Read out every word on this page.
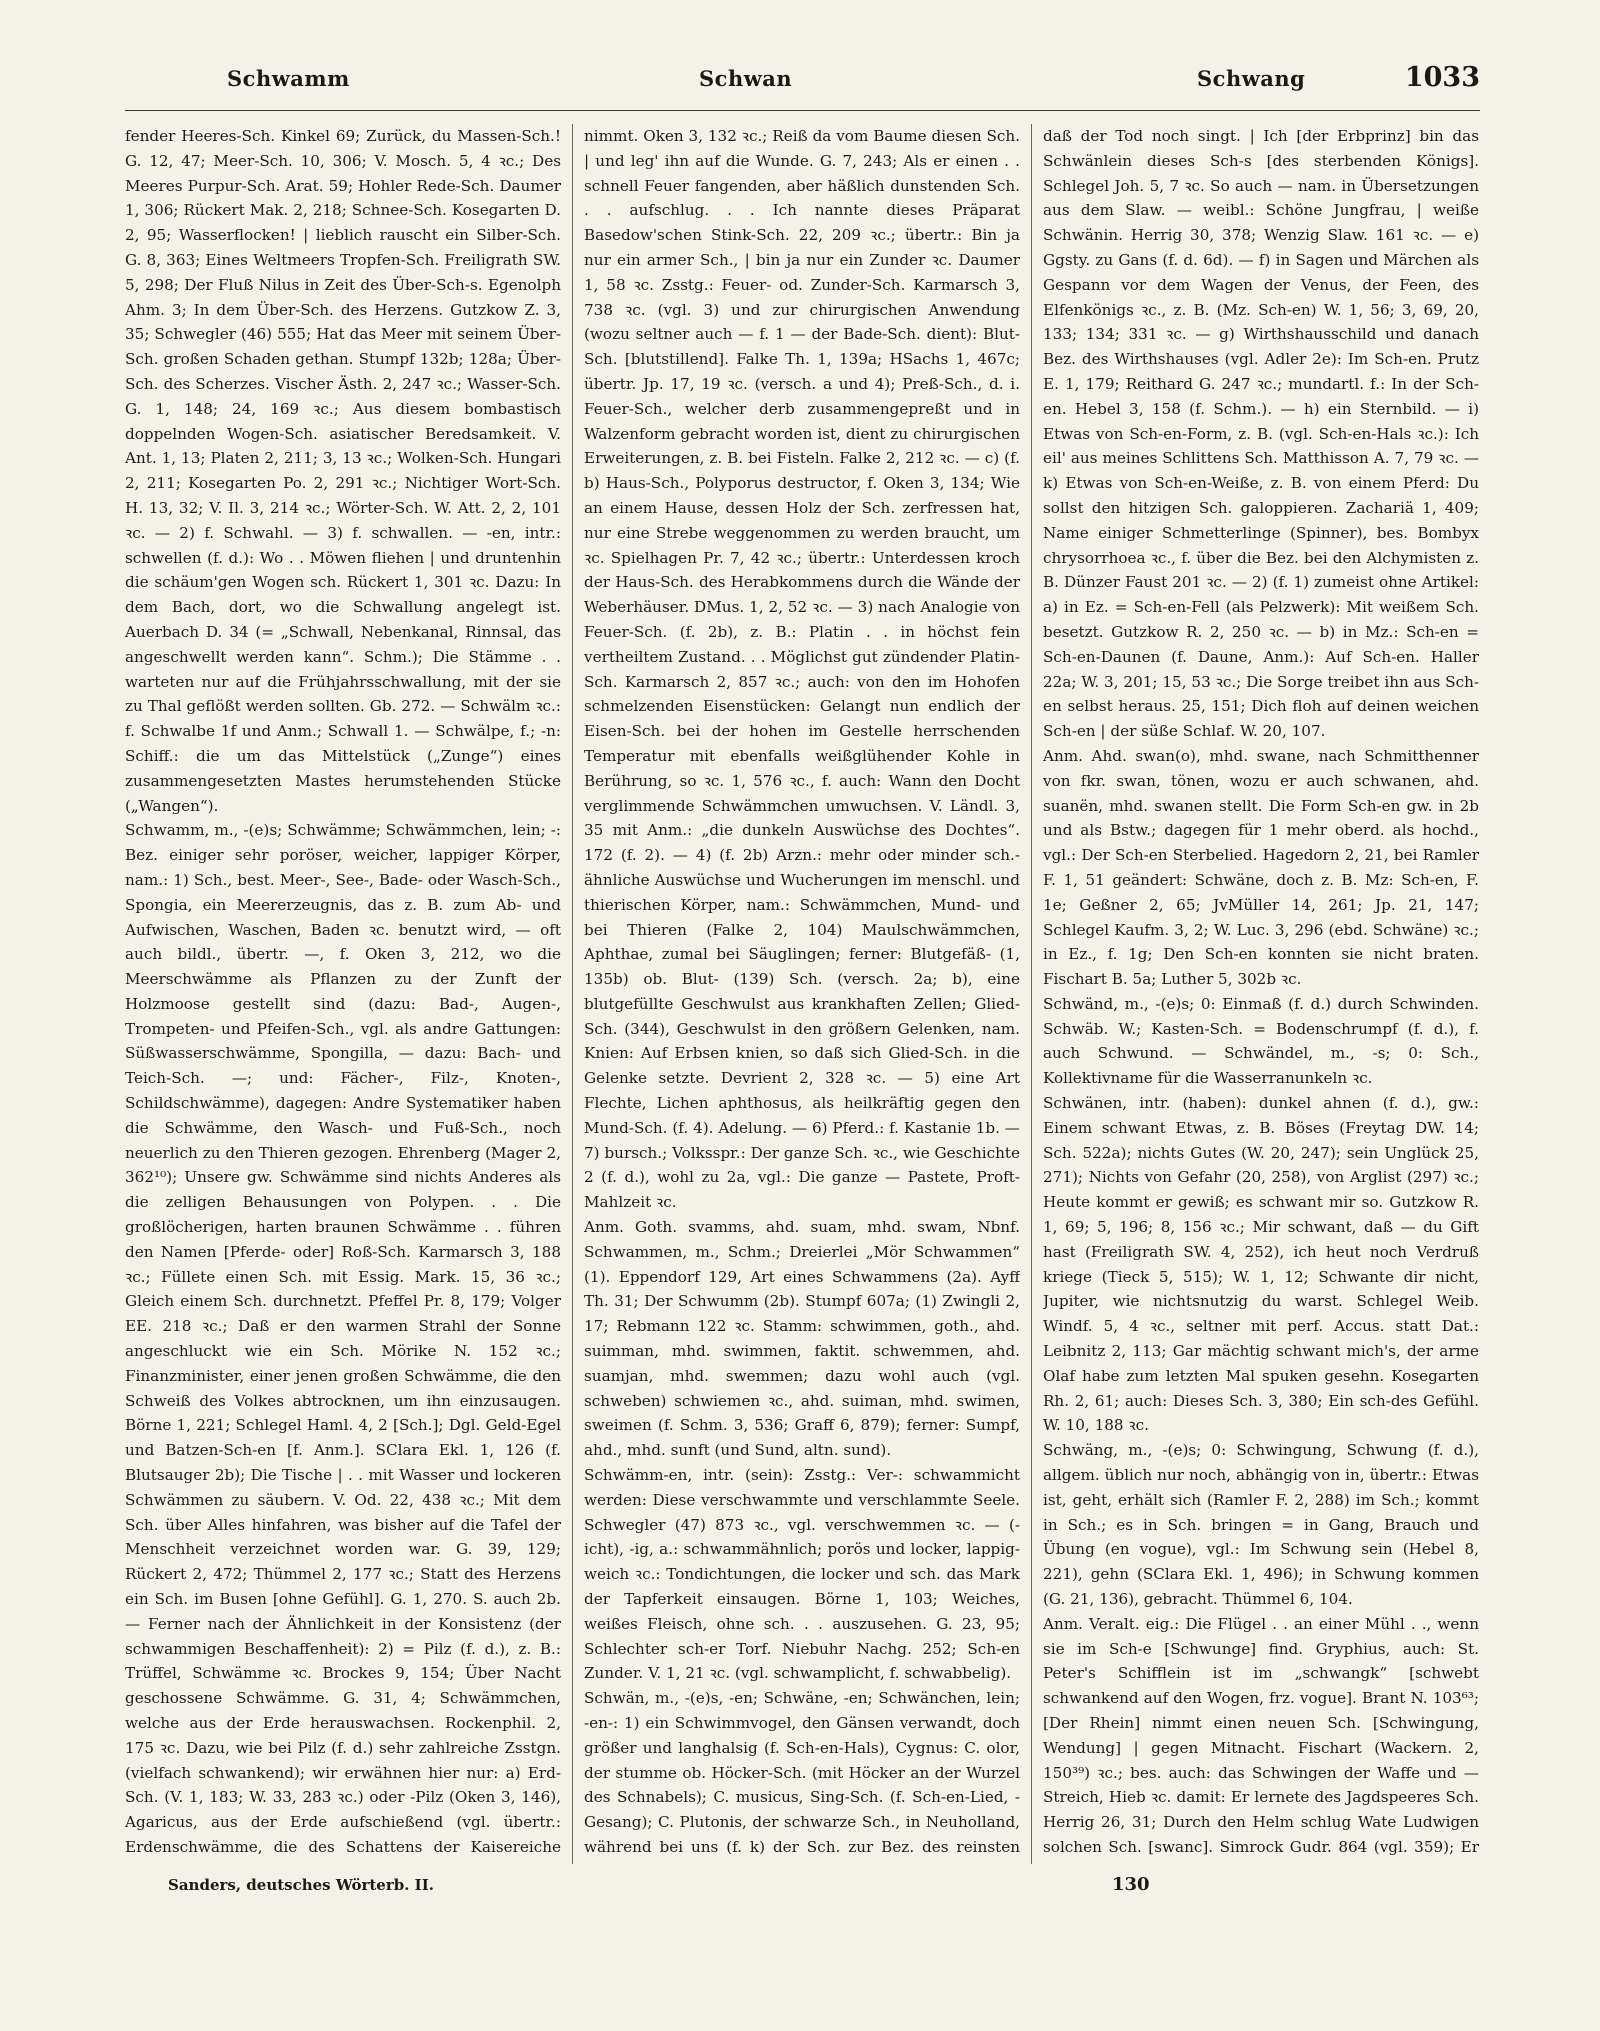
Schwamm	Schwan	Schwang	1033

fender Heeres-Sch. Kinkel 69; Zurück, du Massen-Sch.! G. 12, 47; Meer-Sch. 10, 306; V. Mosch. 5, 4 ꝛc.; Des Meeres Purpur-Sch. Arat. 59; Hohler Rede-Sch. Daumer 1, 306; Rückert Mak. 2, 218; Schnee-Sch. Kosegarten D. 2, 95; Wasserflocken! | lieblich rauscht ein Silber-Sch. G. 8, 363; Eines Weltmeers Tropfen-Sch. Freiligrath SW. 5, 298; Der Fluß Nilus in Zeit des Über-Sch-s. Egenolph Ahm. 3; In dem Über-Sch. des Herzens. Gutzkow Z. 3, 35; Schwegler (46) 555; Hat das Meer mit seinem Über-Sch. großen Schaden gethan. Stumpf 132b; 128a; Über-Sch. des Scherzes. Vischer Ästh. 2, 247 ꝛc.; Wasser-Sch. G. 1, 148; 24, 169 ꝛc.; Aus diesem bombastisch doppelnden Wogen-Sch. asiatischer Beredsamkeit. V. Ant. 1, 13; Platen 2, 211; 3, 13 ꝛc.; Wolken-Sch. Hungari 2, 211; Kosegarten Po. 2, 291 ꝛc.; Nichtiger Wort-Sch. H. 13, 32; V. Il. 3, 214 ꝛc.; Wörter-Sch. W. Att. 2, 2, 101 ꝛc. — 2) f. Schwahl. — 3) f. schwallen. — -en, intr.: schwellen (f. d.): Wo . . Möwen fliehen | und druntenhin die schäum'gen Wogen sch. Rückert 1, 301 ꝛc. Dazu: In dem Bach, dort, wo die Schwallung angelegt ist. Auerbach D. 34 (= „Schwall, Nebenkanal, Rinnsal, das angeschwellt werden kann“. Schm.); Die Stämme . . warteten nur auf die Frühjahrsschwallung, mit der sie zu Thal geflößt werden sollten. Gb. 272. — Schwälm ꝛc.: f. Schwalbe 1f und Anm.; Schwall 1. — Schwälpe, f.; -n: Schiff.: die um das Mittelstück („Zunge“) eines zusammengesetzten Mastes herumstehenden Stücke („Wangen“).

Schwamm, m., -(e)s; Schwämme; Schwämmchen, lein; -: Bez. einiger sehr poröser, weicher, lappiger Körper, nam.: 1) Sch., best. Meer-, See-, Bade- oder Wasch-Sch., Spongia, ein Meererzeugnis, das z. B. zum Ab- und Aufwischen, Waschen, Baden ꝛc. benutzt wird, — oft auch bildl., übertr. —, f. Oken 3, 212, wo die Meerschwämme als Pflanzen zu der Zunft der Holzmoose gestellt sind (dazu: Bad-, Augen-, Trompeten- und Pfeifen-Sch., vgl. als andre Gattungen: Süßwasserschwämme, Spongilla, — dazu: Bach- und Teich-Sch. —; und: Fächer-, Filz-, Knoten-, Schildschwämme), dagegen: Andre Systematiker haben die Schwämme, den Wasch- und Fuß-Sch., noch neuerlich zu den Thieren gezogen. Ehrenberg (Mager 2, 362¹⁰); Unsere gw. Schwämme sind nichts Anderes als die zelligen Behausungen von Polypen. . . Die großlöcherigen, harten braunen Schwämme . . führen den Namen [Pferde- oder] Roß-Sch. Karmarsch 3, 188 ꝛc.; Füllete einen Sch. mit Essig. Mark. 15, 36 ꝛc.; Gleich einem Sch. durchnetzt. Pfeffel Pr. 8, 179; Volger EE. 218 ꝛc.; Daß er den warmen Strahl der Sonne angeschluckt wie ein Sch. Mörike N. 152 ꝛc.; Finanzminister, einer jenen großen Schwämme, die den Schweiß des Volkes abtrocknen, um ihn einzusaugen. Börne 1, 221; Schlegel Haml. 4, 2 [Sch.]; Dgl. Geld-Egel und Batzen-Sch-en [f. Anm.]. SClara Ekl. 1, 126 (f. Blutsauger 2b); Die Tische | . . mit Wasser und lockeren Schwämmen zu säubern. V. Od. 22, 438 ꝛc.; Mit dem Sch. über Alles hinfahren, was bisher auf die Tafel der Menschheit verzeichnet worden war. G. 39, 129; Rückert 2, 472; Thümmel 2, 177 ꝛc.; Statt des Herzens ein Sch. im Busen [ohne Gefühl]. G. 1, 270. S. auch 2b. — Ferner nach der Ähnlichkeit in der Konsistenz (der schwammigen Beschaffenheit): 2) = Pilz (f. d.), z. B.: Trüffel, Schwämme ꝛc. Brockes 9, 154; Über Nacht geschossene Schwämme. G. 31, 4; Schwämmchen, welche aus der Erde herauswachsen. Rockenphil. 2, 175 ꝛc. Dazu, wie bei Pilz (f. d.) sehr zahlreiche Zsstgn. (vielfach schwankend); wir erwähnen hier nur: a) Erd-Sch. (V. 1, 183; W. 33, 283 ꝛc.) oder -Pilz (Oken 3, 146), Agaricus, aus der Erde aufschießend (vgl. übertr.: Erdenschwämme, die des Schattens der Kaisereiche

nimmt. Oken 3, 132 ꝛc.; Reiß da vom Baume diesen Sch. | und leg' ihn auf die Wunde. G. 7, 243; Als er einen . . schnell Feuer fangenden, aber häßlich dunstenden Sch. . . aufschlug. . . Ich nannte dieses Präparat Basedow'schen Stink-Sch. 22, 209 ꝛc.; übertr.: Bin ja nur ein armer Sch., | bin ja nur ein Zunder ꝛc. Daumer 1, 58 ꝛc. Zsstg.: Feuer- od. Zunder-Sch. Karmarsch 3, 738 ꝛc. (vgl. 3) und zur chirurgischen Anwendung (wozu seltner auch — f. 1 — der Bade-Sch. dient): Blut-Sch. [blutstillend]. Falke Th. 1, 139a; HSachs 1, 467c; übertr. Jp. 17, 19 ꝛc. (versch. a und 4); Preß-Sch., d. i. Feuer-Sch., welcher derb zusammengepreßt und in Walzenform gebracht worden ist, dient zu chirurgischen Erweiterungen, z. B. bei Fisteln. Falke 2, 212 ꝛc. — c) (f. b) Haus-Sch., Polyporus destructor, f. Oken 3, 134; Wie an einem Hause, dessen Holz der Sch. zerfressen hat, nur eine Strebe weggenommen zu werden braucht, um ꝛc. Spielhagen Pr. 7, 42 ꝛc.; übertr.: Unterdessen kroch der Haus-Sch. des Herabkommens durch die Wände der Weberhäuser. DMus. 1, 2, 52 ꝛc. — 3) nach Analogie von Feuer-Sch. (f. 2b), z. B.: Platin . . in höchst fein vertheiltem Zustand. . . Möglichst gut zündender Platin-Sch. Karmarsch 2, 857 ꝛc.; auch: von den im Hohofen schmelzenden Eisenstücken: Gelangt nun endlich der Eisen-Sch. bei der hohen im Gestelle herrschenden Temperatur mit ebenfalls weißglühender Kohle in Berührung, so ꝛc. 1, 576 ꝛc., f. auch: Wann den Docht verglimmende Schwämmchen umwuchsen. V. Ländl. 3, 35 mit Anm.: „die dunkeln Auswüchse des Dochtes“. 172 (f. 2). — 4) (f. 2b) Arzn.: mehr oder minder sch.-ähnliche Auswüchse und Wucherungen im menschl. und thierischen Körper, nam.: Schwämmchen, Mund- und bei Thieren (Falke 2, 104) Maulschwämmchen, Aphthae, zumal bei Säuglingen; ferner: Blutgefäß- (1, 135b) ob. Blut- (139) Sch. (versch. 2a; b), eine blutgefüllte Geschwulst aus krankhaften Zellen; Glied-Sch. (344), Geschwulst in den größern Gelenken, nam. Knien: Auf Erbsen knien, so daß sich Glied-Sch. in die Gelenke setzte. Devrient 2, 328 ꝛc. — 5) eine Art Flechte, Lichen aphthosus, als heilkräftig gegen den Mund-Sch. (f. 4). Adelung. — 6) Pferd.: f. Kastanie 1b. — 7) bursch.; Volksspr.: Der ganze Sch. ꝛc., wie Geschichte 2 (f. d.), wohl zu 2a, vgl.: Die ganze — Pastete, Proft-Mahlzeit ꝛc.

Anm. Goth. svamms, ahd. suam, mhd. swam, Nbnf. Schwammen, m., Schm.; Dreierlei „Mör Schwammen“ (1). Eppendorf 129, Art eines Schwammens (2a). Ayff Th. 31; Der Schwumm (2b). Stumpf 607a; (1) Zwingli 2, 17; Rebmann 122 ꝛc. Stamm: schwimmen, goth., ahd. suimman, mhd. swimmen, faktit. schwemmen, ahd. suamjan, mhd. swemmen; dazu wohl auch (vgl. schweben) schwiemen ꝛc., ahd. suiman, mhd. swimen, sweimen (f. Schm. 3, 536; Graff 6, 879); ferner: Sumpf, ahd., mhd. sunft (und Sund, altn. sund).

Schwämm-en, intr. (sein): Zsstg.: Ver-: schwammicht werden: Diese verschwammte und verschlammte Seele. Schwegler (47) 873 ꝛc., vgl. verschwemmen ꝛc. — (-icht), -ig, a.: schwammähnlich; porös und locker, lappig-weich ꝛc.: Tondichtungen, die locker und sch. das Mark der Tapferkeit einsaugen. Börne 1, 103; Weiches, weißes Fleisch, ohne sch. . . auszusehen. G. 23, 95; Schlechter sch-er Torf. Niebuhr Nachg. 252; Sch-en Zunder. V. 1, 21 ꝛc. (vgl. schwamplicht, f. schwabbelig).

Schwän, m., -(e)s, -en; Schwäne, -en; Schwänchen, lein; -en-: 1) ein Schwimmvogel, den Gänsen verwandt, doch größer und langhalsig (f. Sch-en-Hals), Cygnus: C. olor, der stumme ob. Höcker-Sch. (mit Höcker an der Wurzel des Schnabels); C. musicus, Sing-Sch. (f. Sch-en-Lied, -Gesang); C. Plutonis, der schwarze Sch., in Neuholland, während bei uns (f. k) der Sch. zur Bez. des reinsten

daß der Tod noch singt. | Ich [der Erbprinz] bin das Schwänlein dieses Sch-s [des sterbenden Königs]. Schlegel Joh. 5, 7 ꝛc. So auch — nam. in Übersetzungen aus dem Slaw. — weibl.: Schöne Jungfrau, | weiße Schwänin. Herrig 30, 378; Wenzig Slaw. 161 ꝛc. — e) Ggsty. zu Gans (f. d. 6d). — f) in Sagen und Märchen als Gespann vor dem Wagen der Venus, der Feen, des Elfenkönigs ꝛc., z. B. (Mz. Sch-en) W. 1, 56; 3, 69, 20, 133; 134; 331 ꝛc. — g) Wirthshausschild und danach Bez. des Wirthshauses (vgl. Adler 2e): Im Sch-en. Prutz E. 1, 179; Reithard G. 247 ꝛc.; mundartl. f.: In der Sch-en. Hebel 3, 158 (f. Schm.). — h) ein Sternbild. — i) Etwas von Sch-en-Form, z. B. (vgl. Sch-en-Hals ꝛc.): Ich eil' aus meines Schlittens Sch. Matthisson A. 7, 79 ꝛc. — k) Etwas von Sch-en-Weiße, z. B. von einem Pferd: Du sollst den hitzigen Sch. galoppieren. Zachariä 1, 409; Name einiger Schmetterlinge (Spinner), bes. Bombyx chrysorrhoea ꝛc., f. über die Bez. bei den Alchymisten z. B. Dünzer Faust 201 ꝛc. — 2) (f. 1) zumeist ohne Artikel: a) in Ez. = Sch-en-Fell (als Pelzwerk): Mit weißem Sch. besetzt. Gutzkow R. 2, 250 ꝛc. — b) in Mz.: Sch-en = Sch-en-Daunen (f. Daune, Anm.): Auf Sch-en. Haller 22a; W. 3, 201; 15, 53 ꝛc.; Die Sorge treibet ihn aus Sch-en selbst heraus. 25, 151; Dich floh auf deinen weichen Sch-en | der süße Schlaf. W. 20, 107.

Anm. Ahd. swan(o), mhd. swane, nach Schmitthenner von fkr. swan, tönen, wozu er auch schwanen, ahd. suanën, mhd. swanen stellt. Die Form Sch-en gw. in 2b und als Bstw.; dagegen für 1 mehr oberd. als hochd., vgl.: Der Sch-en Sterbelied. Hagedorn 2, 21, bei Ramler F. 1, 51 geändert: Schwäne, doch z. B. Mz: Sch-en, F. 1e; Geßner 2, 65; JvMüller 14, 261; Jp. 21, 147; Schlegel Kaufm. 3, 2; W. Luc. 3, 296 (ebd. Schwäne) ꝛc.; in Ez., f. 1g; Den Sch-en konnten sie nicht braten. Fischart B. 5a; Luther 5, 302b ꝛc.

Schwänd, m., -(e)s; 0: Einmaß (f. d.) durch Schwinden. Schwäb. W.; Kasten-Sch. = Bodenschrumpf (f. d.), f. auch Schwund. — Schwändel, m., -s; 0: Sch., Kollektivname für die Wasserranunkeln ꝛc.

Schwänen, intr. (haben): dunkel ahnen (f. d.), gw.: Einem schwant Etwas, z. B. Böses (Freytag DW. 14; Sch. 522a); nichts Gutes (W. 20, 247); sein Unglück 25, 271); Nichts von Gefahr (20, 258), von Arglist (297) ꝛc.; Heute kommt er gewiß; es schwant mir so. Gutzkow R. 1, 69; 5, 196; 8, 156 ꝛc.; Mir schwant, daß — du Gift hast (Freiligrath SW. 4, 252), ich heut noch Verdruß kriege (Tieck 5, 515); W. 1, 12; Schwante dir nicht, Jupiter, wie nichtsnutzig du warst. Schlegel Weib. Windf. 5, 4 ꝛc., seltner mit perf. Accus. statt Dat.: Leibnitz 2, 113; Gar mächtig schwant mich's, der arme Olaf habe zum letzten Mal spuken gesehn. Kosegarten Rh. 2, 61; auch: Dieses Sch. 3, 380; Ein sch-des Gefühl. W. 10, 188 ꝛc.

Schwäng, m., -(e)s; 0: Schwingung, Schwung (f. d.), allgem. üblich nur noch, abhängig von in, übertr.: Etwas ist, geht, erhält sich (Ramler F. 2, 288) im Sch.; kommt in Sch.; es in Sch. bringen = in Gang, Brauch und Übung (en vogue), vgl.: Im Schwung sein (Hebel 8, 221), gehn (SClara Ekl. 1, 496); in Schwung kommen (G. 21, 136), gebracht. Thümmel 6, 104.

Anm. Veralt. eig.: Die Flügel . . an einer Mühl . ., wenn sie im Sch-e [Schwunge] find. Gryphius, auch: St. Peter's Schifflein ist im „schwangk“ [schwebt schwankend auf den Wogen, frz. vogue]. Brant N. 103⁶³; [Der Rhein] nimmt einen neuen Sch. [Schwingung, Wendung] | gegen Mitnacht. Fischart (Wackern. 2, 150³⁹) ꝛc.; bes. auch: das Schwingen der Waffe und — Streich, Hieb ꝛc. damit: Er lernete des Jagdspeeres Sch. Herrig 26, 31; Durch den Helm schlug Wate Ludwigen solchen Sch. [swanc]. Simrock Gudr. 864 (vgl. 359); Er

Sanders, deutsches Wörterb. II.	130
